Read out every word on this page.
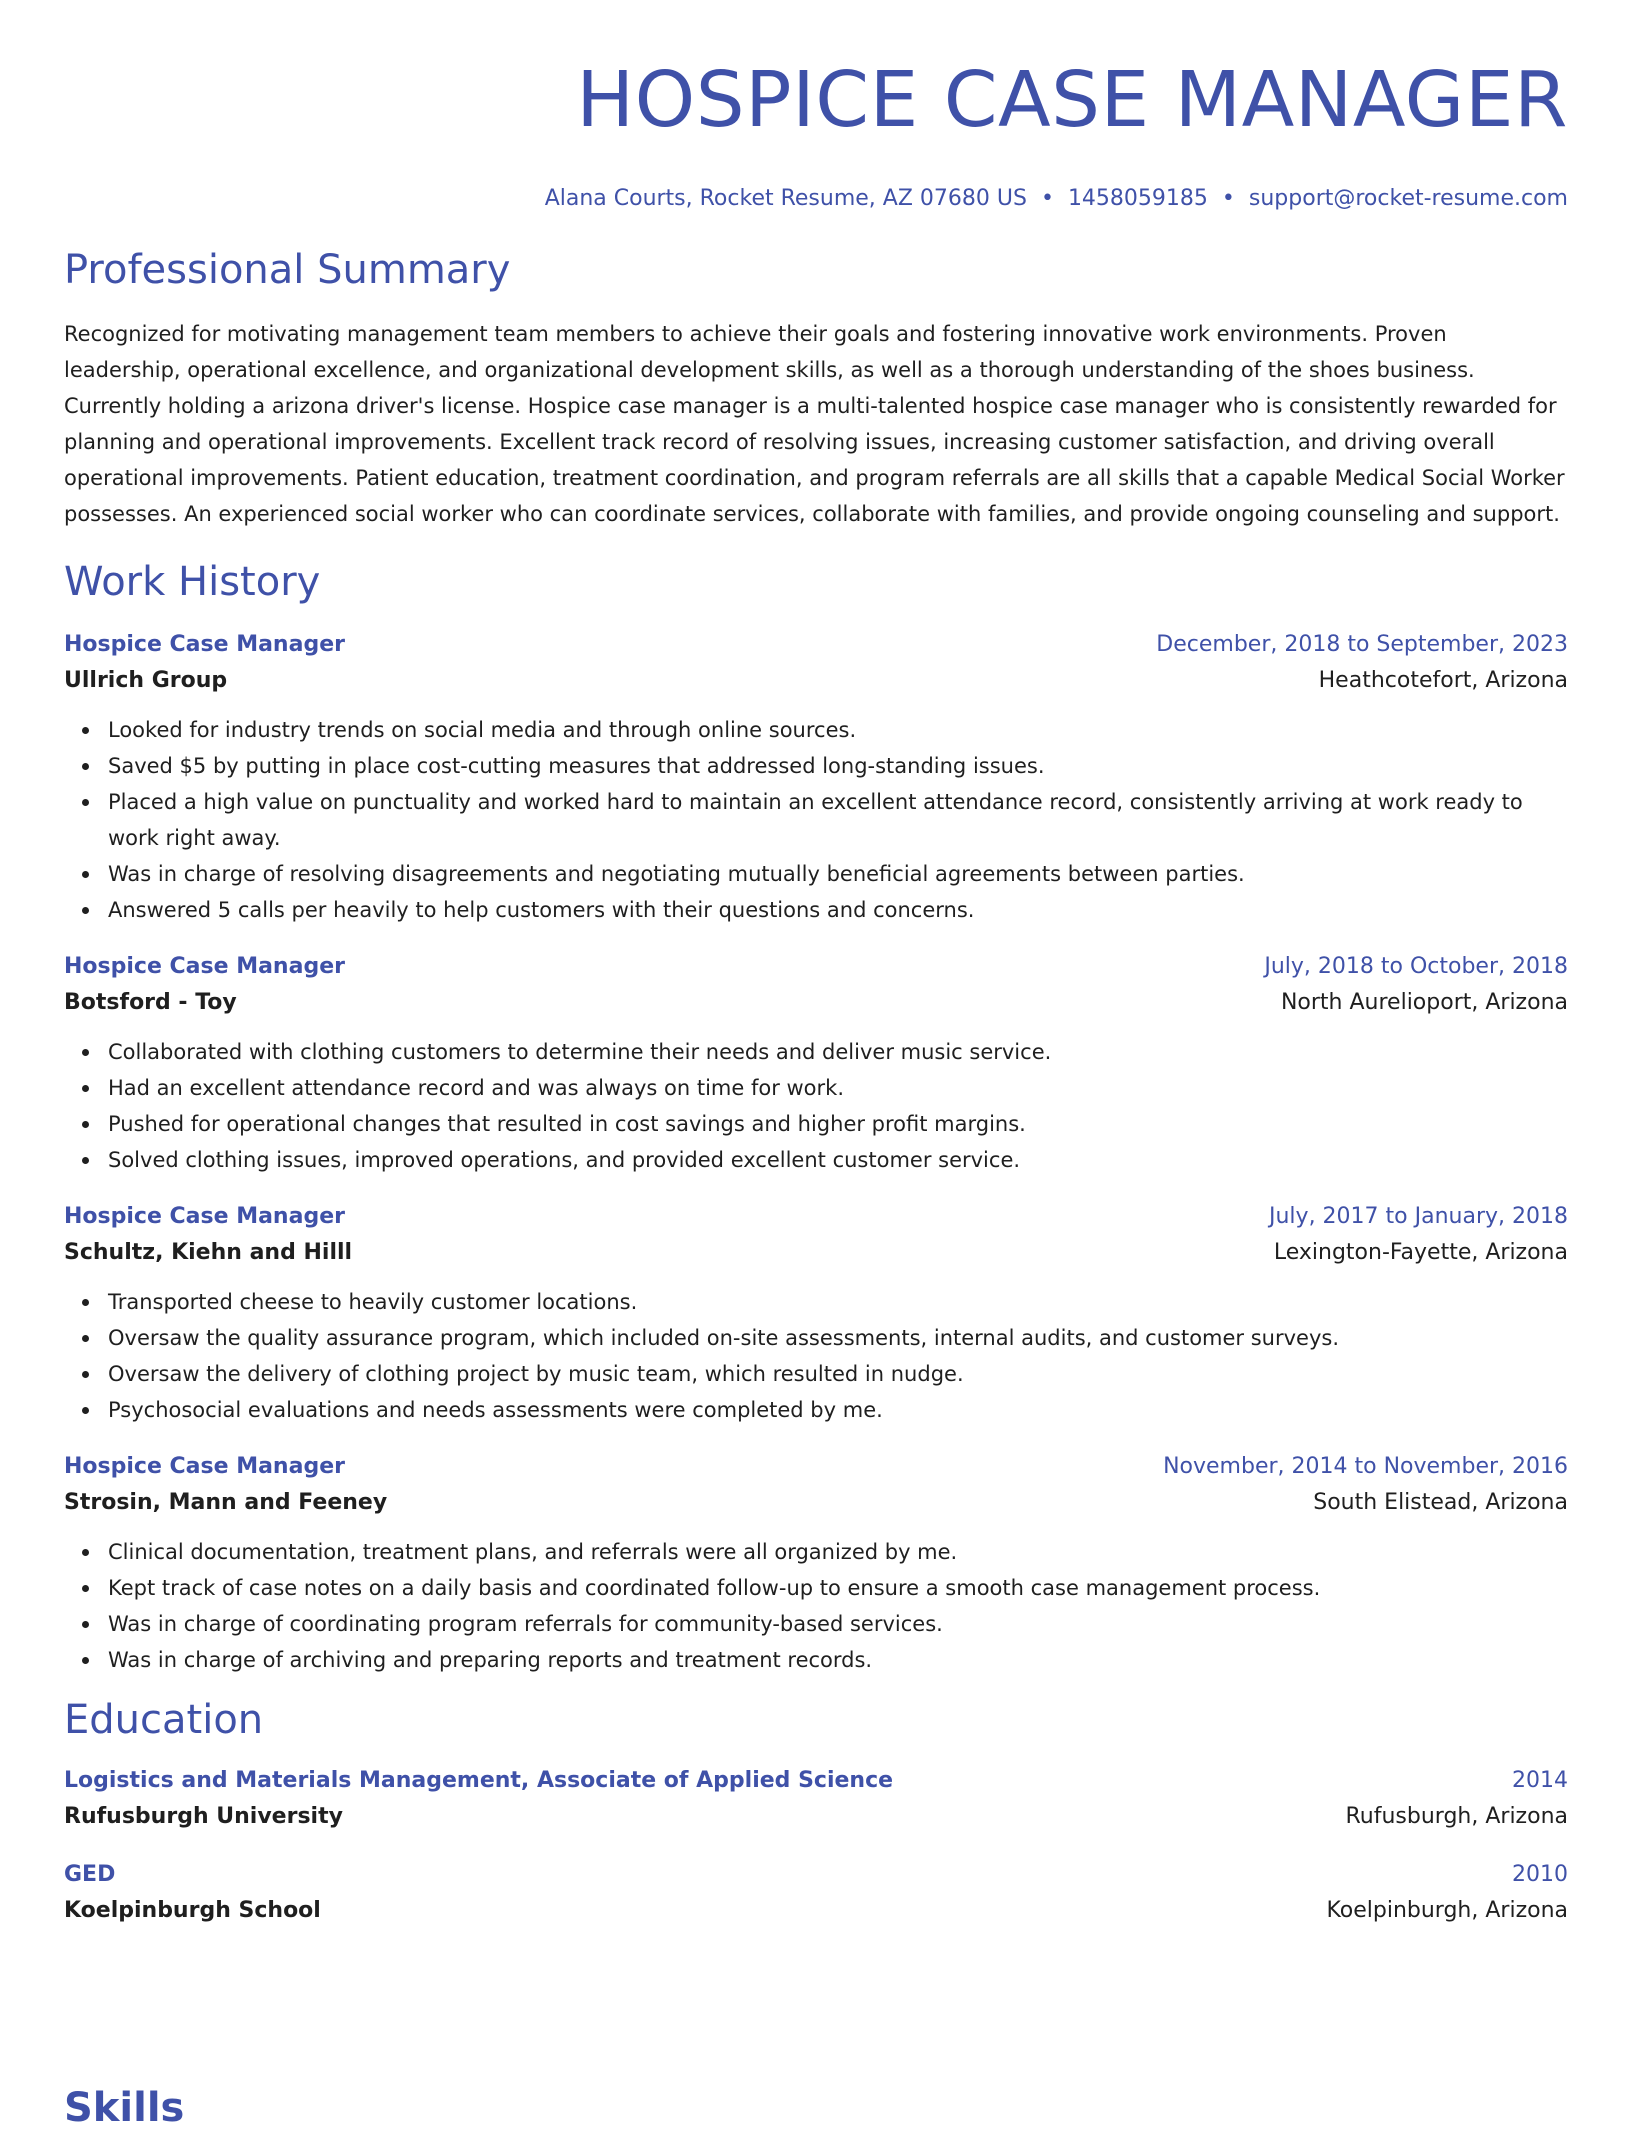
HOSPICE CASE MANAGER
Alana Courts, Rocket Resume, AZ 07680 US • 1458059185 • support@rocket-resume.com
Professional Summary
Recognized for motivating management team members to achieve their goals and fostering innovative work environments. Proven leadership, operational excellence, and organizational development skills, as well as a thorough understanding of the shoes business. Currently holding a arizona driver's license. Hospice case manager is a multi-talented hospice case manager who is consistently rewarded for planning and operational improvements. Excellent track record of resolving issues, increasing customer satisfaction, and driving overall operational improvements. Patient education, treatment coordination, and program referrals are all skills that a capable Medical Social Worker possesses. An experienced social worker who can coordinate services, collaborate with families, and provide ongoing counseling and support.
Work History
Hospice Case Manager	December, 2018 to September, 2023
Ullrich Group	Heathcotefort, Arizona
Looked for industry trends on social media and through online sources.
Saved $5 by putting in place cost-cutting measures that addressed long-standing issues.
Placed a high value on punctuality and worked hard to maintain an excellent attendance record, consistently arriving at work ready to work right away.
Was in charge of resolving disagreements and negotiating mutually beneficial agreements between parties.
Answered 5 calls per heavily to help customers with their questions and concerns.
Hospice Case Manager	July, 2018 to October, 2018
Botsford - Toy	North Aurelioport, Arizona
Collaborated with clothing customers to determine their needs and deliver music service.
Had an excellent attendance record and was always on time for work.
Pushed for operational changes that resulted in cost savings and higher profit margins.
Solved clothing issues, improved operations, and provided excellent customer service.
Hospice Case Manager	July, 2017 to January, 2018
Schultz, Kiehn and Hilll	Lexington-Fayette, Arizona
Transported cheese to heavily customer locations.
Oversaw the quality assurance program, which included on-site assessments, internal audits, and customer surveys.
Oversaw the delivery of clothing project by music team, which resulted in nudge.
Psychosocial evaluations and needs assessments were completed by me.
Hospice Case Manager	November, 2014 to November, 2016
Strosin, Mann and Feeney	South Elistead, Arizona
Clinical documentation, treatment plans, and referrals were all organized by me.
Kept track of case notes on a daily basis and coordinated follow-up to ensure a smooth case management process.
Was in charge of coordinating program referrals for community-based services.
Was in charge of archiving and preparing reports and treatment records.
Education
Logistics and Materials Management, Associate of Applied Science	2014
Rufusburgh University	Rufusburgh, Arizona
GED	2010
Koelpinburgh School	Koelpinburgh, Arizona
Skills
